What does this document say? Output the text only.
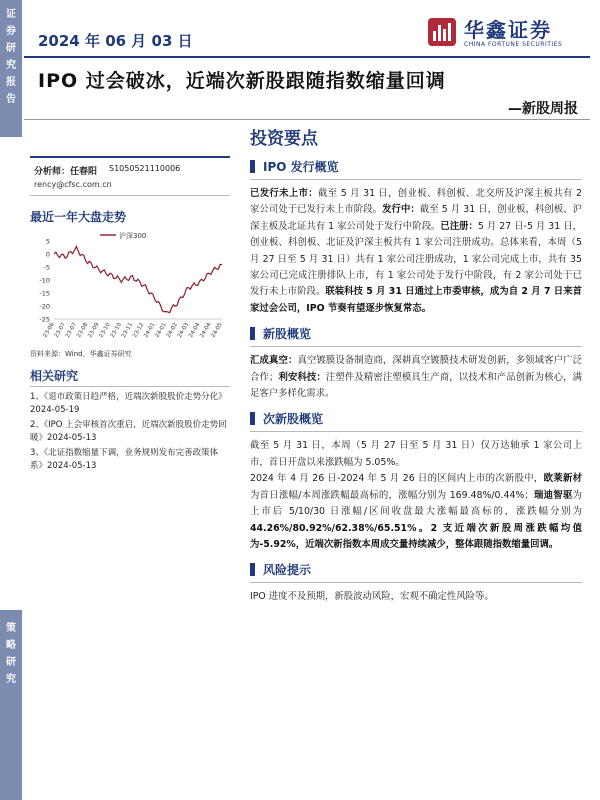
证
券
研
究
报
告
策
略
研
究
2024 年 06 月 03 日	华鑫证券
CHINA FORTUNE SECURITIES
IPO 过会破冰，近端次新股跟随指数缩量回调
—新股周报
投资要点
分析师：任春阳 S1050521110006
rency@cfsc.com.cn
最近一年大盘走势
5
0
-5
-10
-15
-20
-25
23-06
23-07
23-07
23-08
23-09
23-10
23-10
23-11
23-12
24-01
24-01
24-02
24-03
24-04
24-04
24-05
沪深300
资料来源：Wind，华鑫证券研究
相关研究
1、《退市政策日趋严格，近端次新股股价走势分化》2024-05-19
2、《IPO 上会审核首次重启，近端次新股股价走势回暖》2024-05-13
3、《北证指数缩量下调，业务规则发布完善政策体系》2024-05-13
IPO 发行概览

已发行未上市：截至 5 月 31 日，创业板、科创板、北交所及沪深主板共有 2 家公司处于已发行未上市阶段。发行中：截至 5 月 31 日，创业板、科创板、沪深主板及北证共有 1 家公司处于发行中阶段。已注册：5 月 27 日-5 月 31 日，创业板、科创板、北证及沪深主板共有 1 家公司注册成功。总体来看，本周（5 月 27 日至 5 月 31 日）共有 1 家公司注册成功，1 家公司完成上市，共有 35 家公司已完成注册排队上市，有 1 家公司处于发行中阶段，有 2 家公司处于已发行未上市阶段。联装科技 5 月 31 日通过上市委审核，成为自 2 月 7 日来首家过会公司，IPO 节奏有望逐步恢复常态。

新股概览

汇成真空：真空镀膜设备制造商，深耕真空镀膜技术研发创新，多领域客户广泛合作；利安科技：注塑件及精密注塑模具生产商，以技术和产品创新为核心，满足客户多样化需求。

次新股概览

截至 5 月 31 日，本周（5 月 27 日至 5 月 31 日）仅万达轴承 1 家公司上市，首日开盘以来涨跌幅为 5.05%。

2024 年 4 月 26 日-2024 年 5 月 26 日的区间内上市的次新股中，欧莱新材为首日涨幅/本周涨跌幅最高标的，涨幅分别为 169.48%/0.44%；瑞迪智驱为上市后 5/10/30 日涨幅/区间收盘最大涨幅最高标的，涨跌幅分别为44.26%/80.92%/62.38%/65.51%。2 支近端次新股周涨跌幅均值为-5.92%，近端次新指数本周成交量持续减少，整体跟随指数缩量回调。

风险提示

IPO 进度不及预期，新股波动风险，宏观不确定性风险等。
